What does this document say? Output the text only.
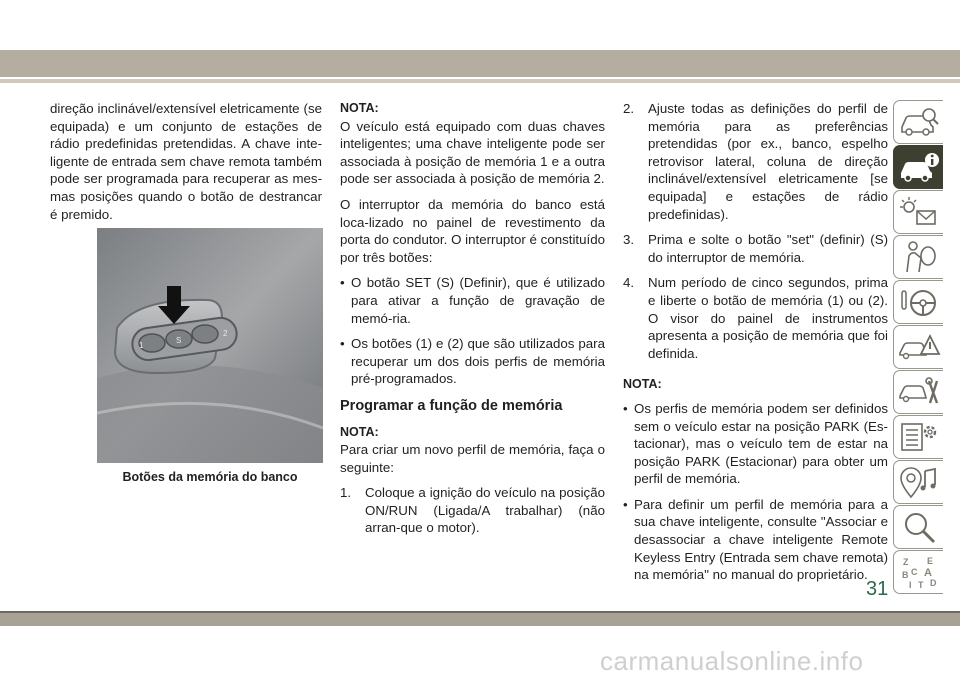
direção inclinável/extensível eletricamente (se equipada) e um conjunto de estações de rádio predefinidas pretendidas. A chave inte-ligente de entrada sem chave remota também pode ser programada para recuperar as mes-mas posições quando o botão de destrancar é premido.

1
S
2
Botões da memória do banco
NOTA:

O veículo está equipado com duas chaves inteligentes; uma chave inteligente pode ser associada à posição de memória 1 e a outra pode ser associada à posição de memória 2.

O interruptor da memória do banco está loca-lizado no painel de revestimento da porta do condutor. O interruptor é constituído por três botões:

• O botão SET (S) (Definir), que é utilizado para ativar a função de gravação de memó-ria.
• Os botões (1) e (2) que são utilizados para recuperar um dos dois perfis de memória pré-programados.
Programar a função de memória
NOTA:

Para criar um novo perfil de memória, faça o seguinte:

1.	Coloque a ignição do veículo na posição ON/RUN (Ligada/A trabalhar) (não arran-que o motor).
2.	Ajuste todas as definições do perfil de memória para as preferências pretendidas (por ex., banco, espelho retrovisor lateral, coluna de direção inclinável/extensível eletricamente [se equipada] e estações de rádio predefinidas).
3.	Prima e solte o botão "set" (definir) (S) do interruptor de memória.
4.	Num período de cinco segundos, prima e liberte o botão de memória (1) ou (2). O visor do painel de instrumentos apresenta a posição de memória que foi definida.
NOTA:
• Os perfis de memória podem ser definidos sem o veículo estar na posição PARK (Es-tacionar), mas o veículo tem de estar na posição PARK (Estacionar) para obter um perfil de memória.
• Para definir um perfil de memória para a sua chave inteligente, consulte "Associar e desassociar a chave inteligente Remote Keyless Entry (Entrada sem chave remota) na memória" no manual do proprietário.
Z E
B A
C
D
I T
31
carmanualsonline.info
